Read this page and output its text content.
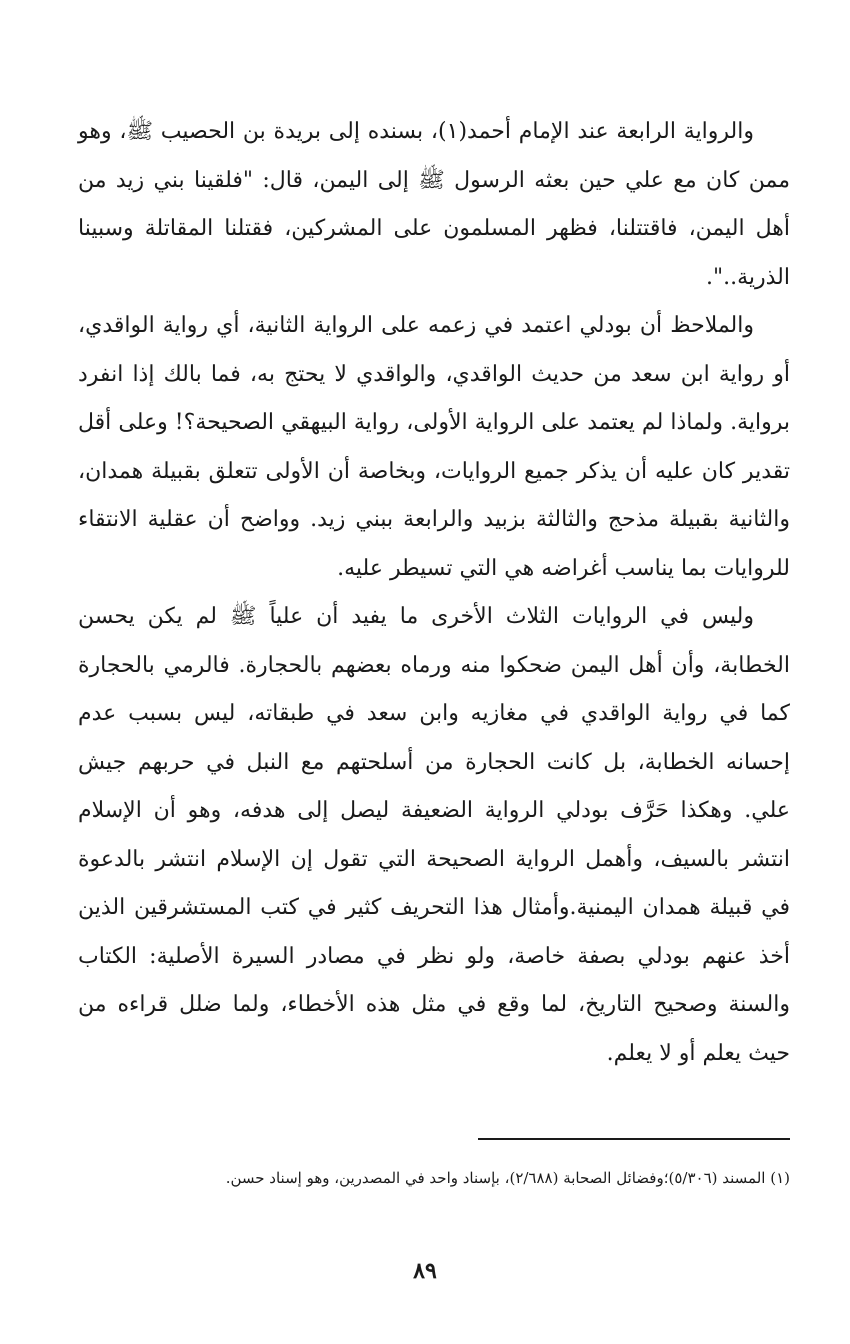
والرواية الرابعة عند الإمام أحمد(١)، بسنده إلى بريدة بن الحصيب ﷺ، وهو ممن كان مع علي حين بعثه الرسول ﷺ إلى اليمن، قال: "فلقينا بني زيد من أهل اليمن، فاقتتلنا، فظهر المسلمون على المشركين، فقتلنا المقاتلة وسبينا الذرية..".

والملاحظ أن بودلي اعتمد في زعمه على الرواية الثانية، أي رواية الواقدي، أو رواية ابن سعد من حديث الواقدي، والواقدي لا يحتج به، فما بالك إذا انفرد برواية. ولماذا لم يعتمد على الرواية الأولى، رواية البيهقي الصحيحة؟! وعلى أقل تقدير كان عليه أن يذكر جميع الروايات، وبخاصة أن الأولى تتعلق بقبيلة همدان، والثانية بقبيلة مذحج والثالثة بزبيد والرابعة ببني زيد. وواضح أن عقلية الانتقاء للروايات بما يناسب أغراضه هي التي تسيطر عليه.

وليس في الروايات الثلاث الأخرى ما يفيد أن علياً ﷺ لم يكن يحسن الخطابة، وأن أهل اليمن ضحكوا منه ورماه بعضهم بالحجارة. فالرمي بالحجارة كما في رواية الواقدي في مغازيه وابن سعد في طبقاته، ليس بسبب عدم إحسانه الخطابة، بل كانت الحجارة من أسلحتهم مع النبل في حربهم جيش علي. وهكذا حَرَّف بودلي الرواية الضعيفة ليصل إلى هدفه، وهو أن الإسلام انتشر بالسيف، وأهمل الرواية الصحيحة التي تقول إن الإسلام انتشر بالدعوة في قبيلة همدان اليمنية.وأمثال هذا التحريف كثير في كتب المستشرقين الذين أخذ عنهم بودلي بصفة خاصة، ولو نظر في مصادر السيرة الأصلية: الكتاب والسنة وصحيح التاريخ، لما وقع في مثل هذه الأخطاء، ولما ضلل قراءه من حيث يعلم أو لا يعلم.

(١) المسند (٥/٣٠٦)؛وفضائل الصحابة (٢/٦٨٨)، بإسناد واحد في المصدرين، وهو إسناد حسن.
٨٩
